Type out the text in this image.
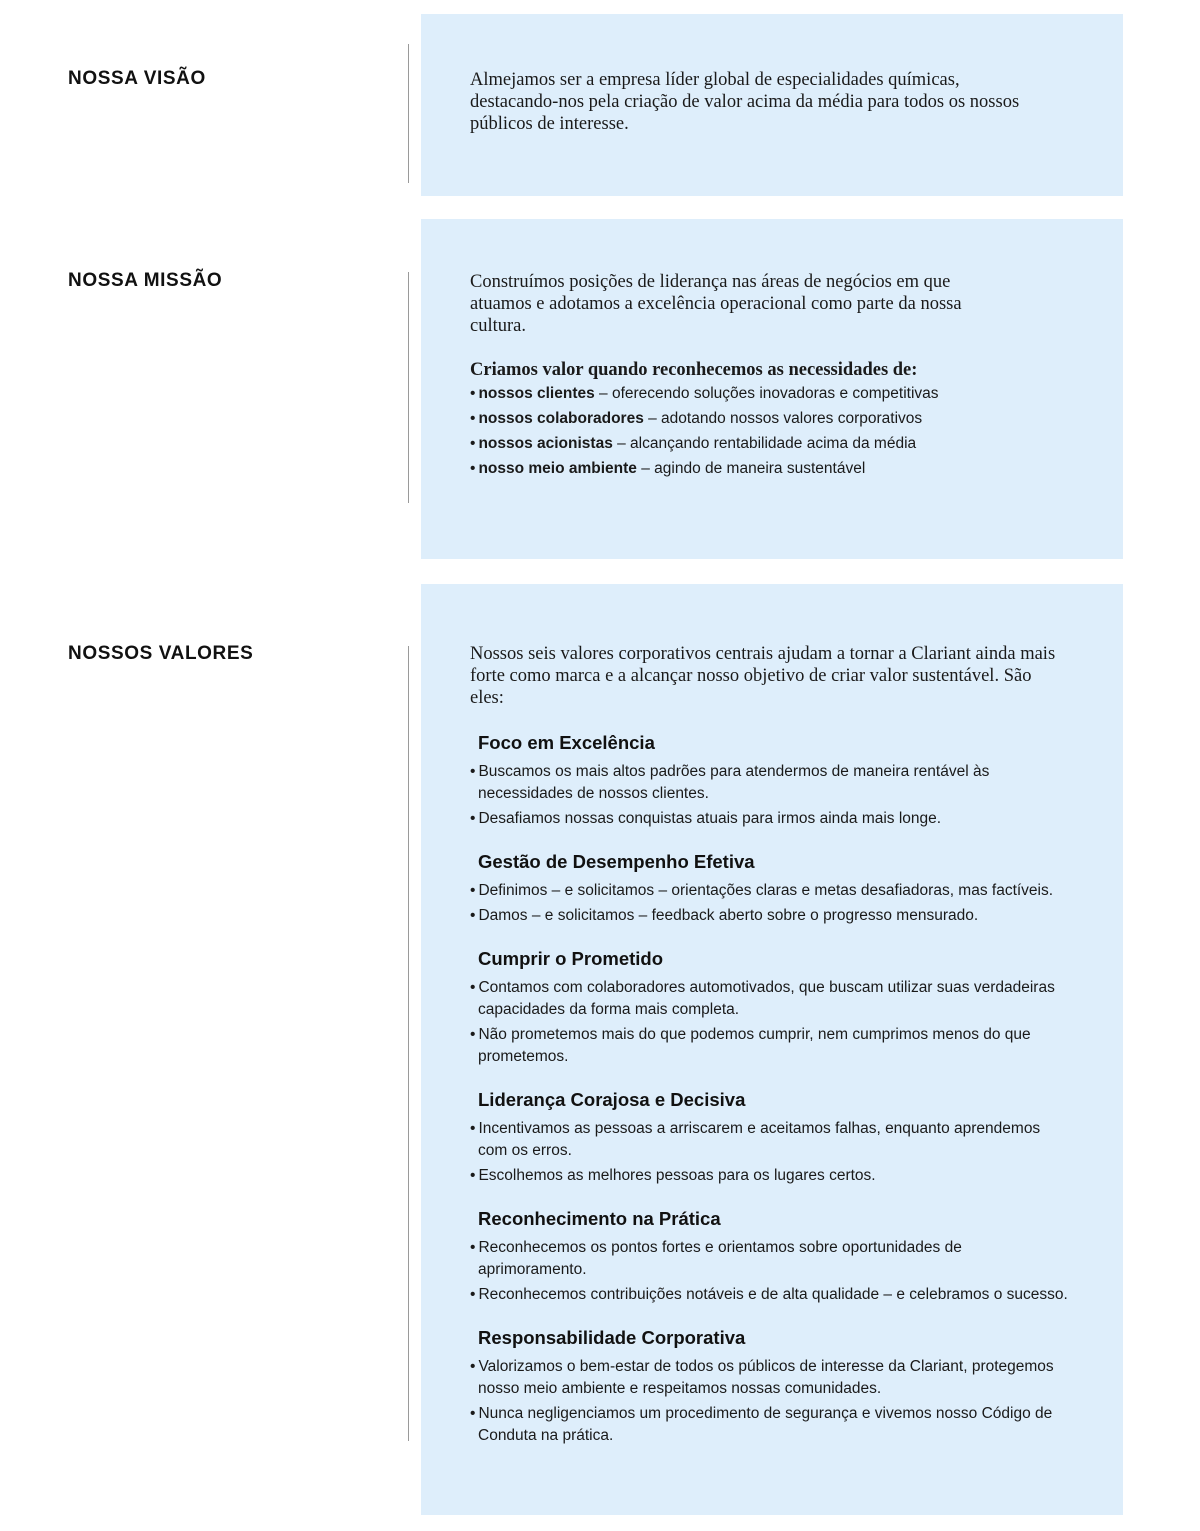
NOSSA VISÃO	Almejamos ser a empresa líder global de especialidades químicas, destacando-nos pela criação de valor acima da média para todos os nossos públicos de interesse.

NOSSA MISSÃO	Construímos posições de liderança nas áreas de negócios em que atuamos e adotamos a excelência operacional como parte da nossa cultura.

Criamos valor quando reconhecemos as necessidades de:

• nossos clientes – oferecendo soluções inovadoras e competitivas
• nossos colaboradores – adotando nossos valores corporativos
• nossos acionistas – alcançando rentabilidade acima da média
• nosso meio ambiente – agindo de maneira sustentável
NOSSOS VALORES	Nossos seis valores corporativos centrais ajudam a tornar a Clariant ainda mais forte como marca e a alcançar nosso objetivo de criar valor sustentável. São eles:

Foco em Excelência
• Buscamos os mais altos padrões para atendermos de maneira rentável às necessidades de nossos clientes.
• Desafiamos nossas conquistas atuais para irmos ainda mais longe.
Gestão de Desempenho Efetiva
• Definimos – e solicitamos – orientações claras e metas desafiadoras, mas factíveis.
• Damos – e solicitamos – feedback aberto sobre o progresso mensurado.
Cumprir o Prometido
• Contamos com colaboradores automotivados, que buscam utilizar suas verdadeiras capacidades da forma mais completa.
• Não prometemos mais do que podemos cumprir, nem cumprimos menos do que prometemos.
Liderança Corajosa e Decisiva
• Incentivamos as pessoas a arriscarem e aceitamos falhas, enquanto aprendemos com os erros.
• Escolhemos as melhores pessoas para os lugares certos.
Reconhecimento na Prática
• Reconhecemos os pontos fortes e orientamos sobre oportunidades de aprimoramento.
• Reconhecemos contribuições notáveis e de alta qualidade – e celebramos o sucesso.
Responsabilidade Corporativa
• Valorizamos o bem-estar de todos os públicos de interesse da Clariant, protegemos nosso meio ambiente e respeitamos nossas comunidades.
• Nunca negligenciamos um procedimento de segurança e vivemos nosso Código de Conduta na prática.
